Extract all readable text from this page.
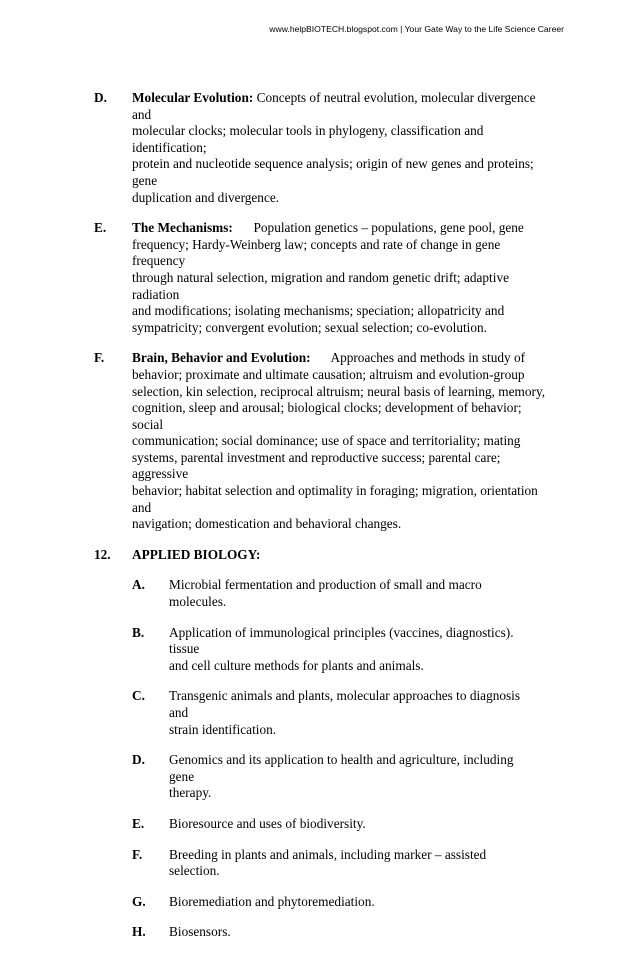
www.helpBIOTECH.blogspot.com | Your Gate Way to the Life Science Career
D.	Molecular Evolution: Concepts of neutral evolution, molecular divergence and
molecular clocks; molecular tools in phylogeny, classification and identification;
protein and nucleotide sequence analysis; origin of new genes and proteins; gene
duplication and divergence.
E.	The Mechanisms: Population genetics – populations, gene pool, gene
frequency; Hardy-Weinberg law; concepts and rate of change in gene frequency
through natural selection, migration and random genetic drift; adaptive radiation
and modifications; isolating mechanisms; speciation; allopatricity and
sympatricity; convergent evolution; sexual selection; co-evolution.
F.	Brain, Behavior and Evolution: Approaches and methods in study of
behavior; proximate and ultimate causation; altruism and evolution-group
selection, kin selection, reciprocal altruism; neural basis of learning, memory,
cognition, sleep and arousal; biological clocks; development of behavior; social
communication; social dominance; use of space and territoriality; mating
systems, parental investment and reproductive success; parental care; aggressive
behavior; habitat selection and optimality in foraging; migration, orientation and
navigation; domestication and behavioral changes.
12.	APPLIED BIOLOGY:
A.	Microbial fermentation and production of small and macro molecules.
B.	Application of immunological principles (vaccines, diagnostics). tissue
and cell culture methods for plants and animals.
C.	Transgenic animals and plants, molecular approaches to diagnosis and
strain identification.
D.	Genomics and its application to health and agriculture, including gene
therapy.
E.	Bioresource and uses of biodiversity.
F.	Breeding in plants and animals, including marker – assisted selection.
G.	Bioremediation and phytoremediation.
H.	Biosensors.
